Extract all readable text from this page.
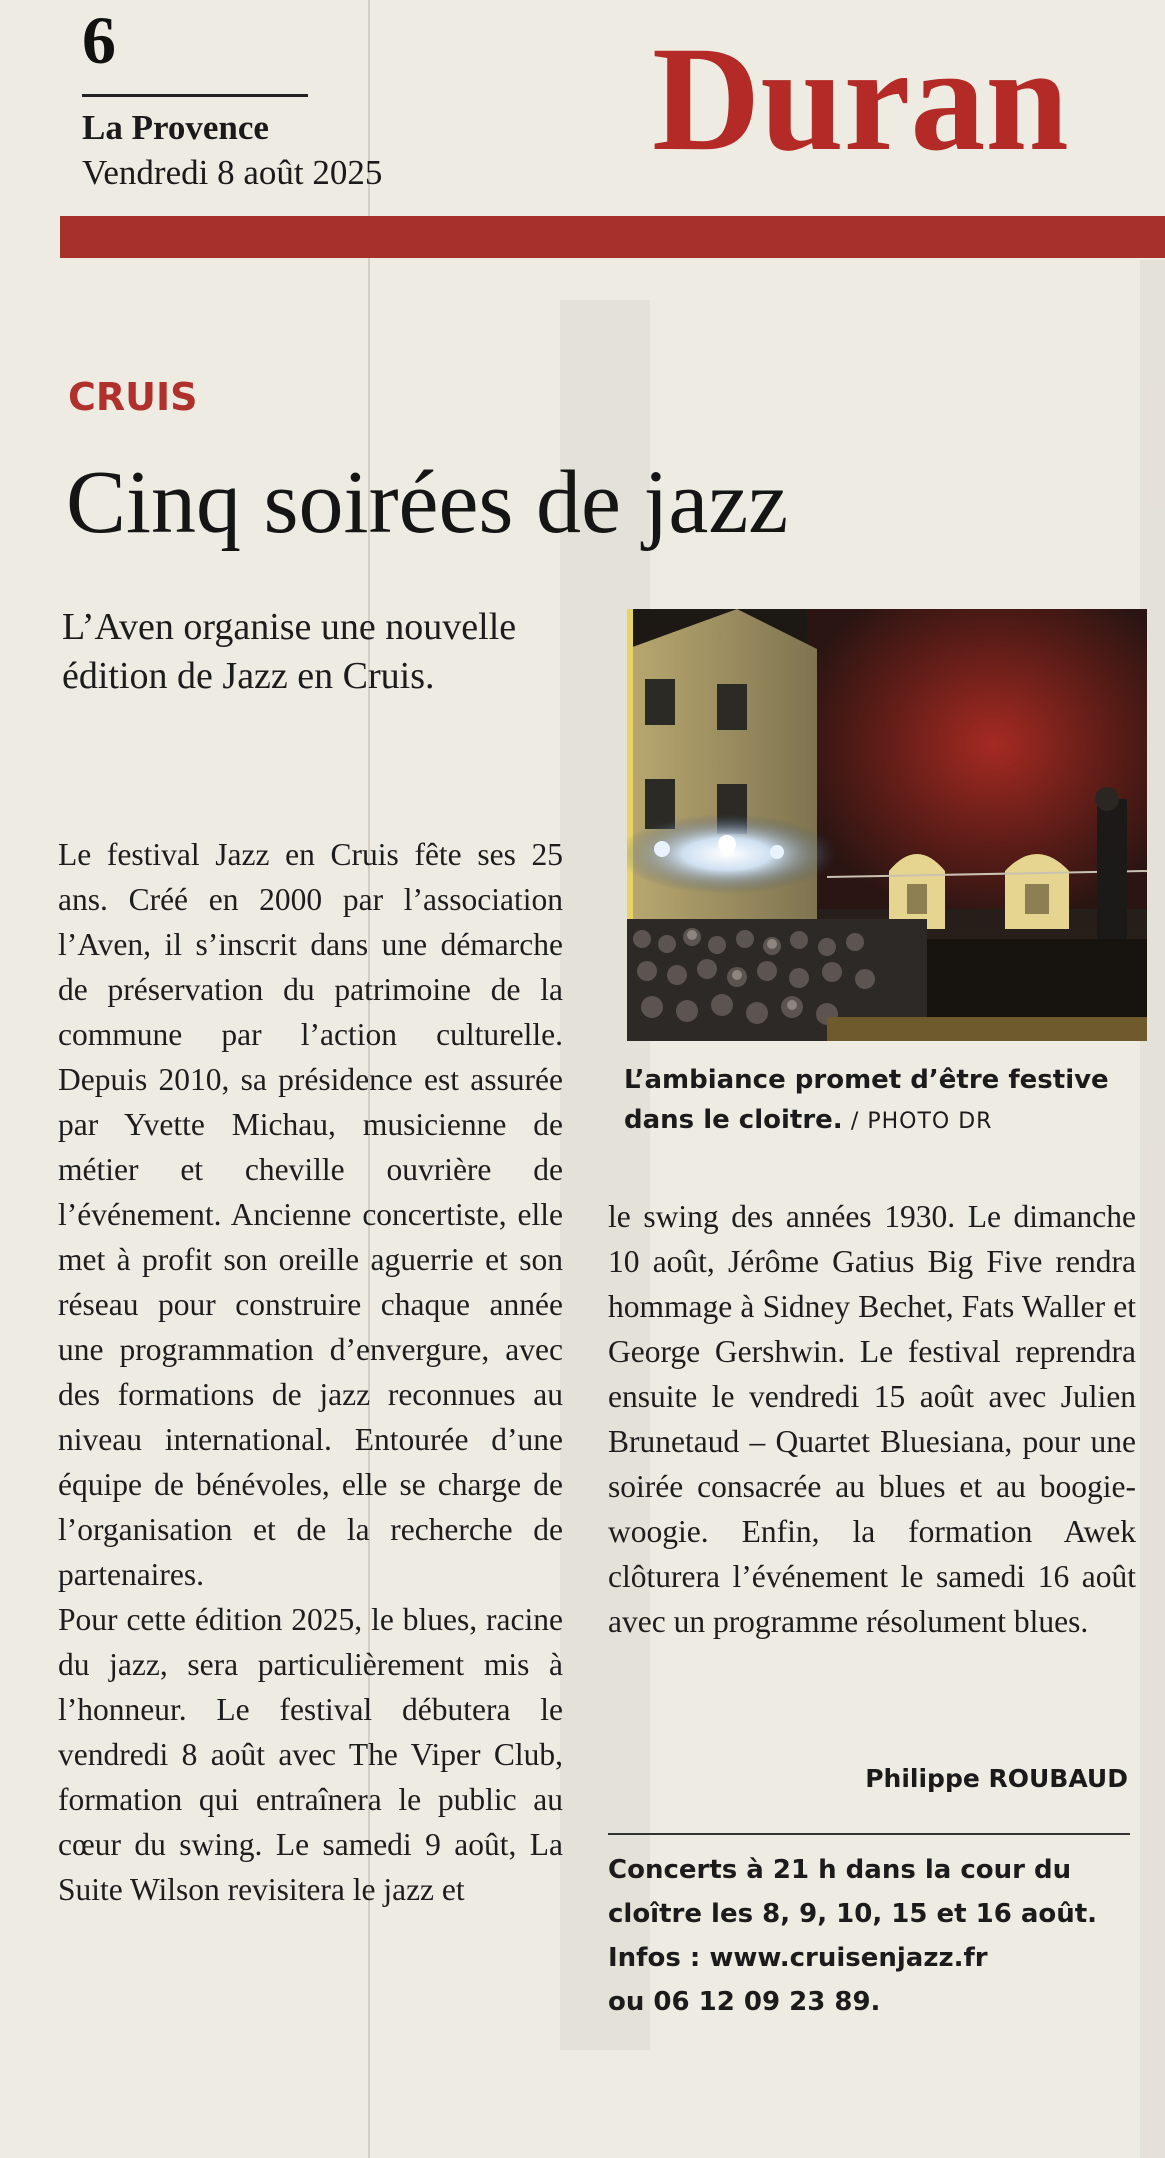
6
La Provence
Vendredi 8 août 2025 Duran
CRUIS
Cinq soirées de jazz
L’Aven organise une nouvelle édition de Jazz en Cruis.

Le festival Jazz en Cruis fête ses 25 ans. Créé en 2000 par l’association l’Aven, il s’inscrit dans une démarche de préservation du patrimoine de la commune par l’action culturelle. Depuis 2010, sa présidence est assurée par Yvette Michau, musicienne de métier et cheville ouvrière de l’événement. Ancienne concertiste, elle met à profit son oreille aguerrie et son réseau pour construire chaque année une programmation d’envergure, avec des formations de jazz reconnues au niveau international. Entourée d’une équipe de bénévoles, elle se charge de l’organisation et de la recherche de partenaires.

Pour cette édition 2025, le blues, racine du jazz, sera particulièrement mis à l’honneur. Le festival débutera le vendredi 8 août avec The Viper Club, formation qui entraînera le public au cœur du swing. Le samedi 9 août, La Suite Wilson revisitera le jazz et

L’ambiance promet d’être festive dans le cloitre. / PHOTO DR

le swing des années 1930. Le dimanche 10 août, Jérôme Gatius Big Five rendra hommage à Sidney Bechet, Fats Waller et George Gershwin. Le festival reprendra ensuite le vendredi 15 août avec Julien Brunetaud – Quartet Bluesiana, pour une soirée consacrée au blues et au boogie-woogie. Enfin, la formation Awek clôturera l’événement le samedi 16 août avec un programme résolument blues.

Philippe ROUBAUD
Concerts à 21 h dans la cour du
cloître les 8, 9, 10, 15 et 16 août.
Infos : www.cruisenjazz.fr
ou 06 12 09 23 89.
